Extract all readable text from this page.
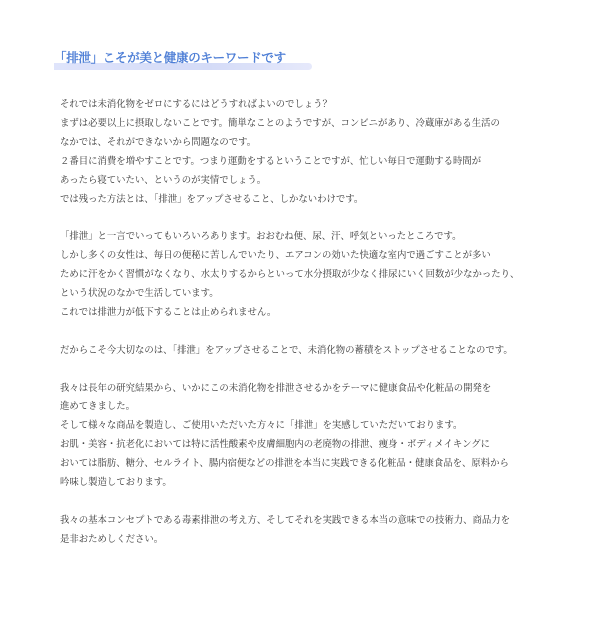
「排泄」こそが美と健康のキーワードです

それでは未消化物をゼロにするにはどうすればよいのでしょう？
まずは必要以上に摂取しないことです。簡単なことのようですが、コンビニがあり、冷蔵庫がある生活の
なかでは、それができないから問題なのです。
２番目に消費を増やすことです。つまり運動をするということですが、忙しい毎日で運動する時間が
あったら寝ていたい、というのが実情でしょう。
では残った方法とは、「排泄」をアップさせること、しかないわけです。

「排泄」と一言でいってもいろいろあります。おおむね便、尿、汗、呼気といったところです。
しかし多くの女性は、毎日の便秘に苦しんでいたり、エアコンの効いた快適な室内で過ごすことが多い
ために汗をかく習慣がなくなり、水太りするからといって水分摂取が少なく排尿にいく回数が少なかったり、
という状況のなかで生活しています。
これでは排泄力が低下することは止められません。

だからこそ今大切なのは、「排泄」をアップさせることで、未消化物の蓄積をストップさせることなのです。

我々は長年の研究結果から、いかにこの未消化物を排泄させるかをテーマに健康食品や化粧品の開発を
進めてきました。
そして様々な商品を製造し、ご使用いただいた方々に「排泄」を実感していただいております。
お肌・美容・抗老化においては特に活性酸素や皮膚細胞内の老廃物の排泄、痩身・ボディメイキングに
おいては脂肪、糖分、セルライト、腸内宿便などの排泄を本当に実践できる化粧品・健康食品を、原料から
吟味し製造しております。

我々の基本コンセプトである毒素排泄の考え方、そしてそれを実践できる本当の意味での技術力、商品力を
是非おためしください。
